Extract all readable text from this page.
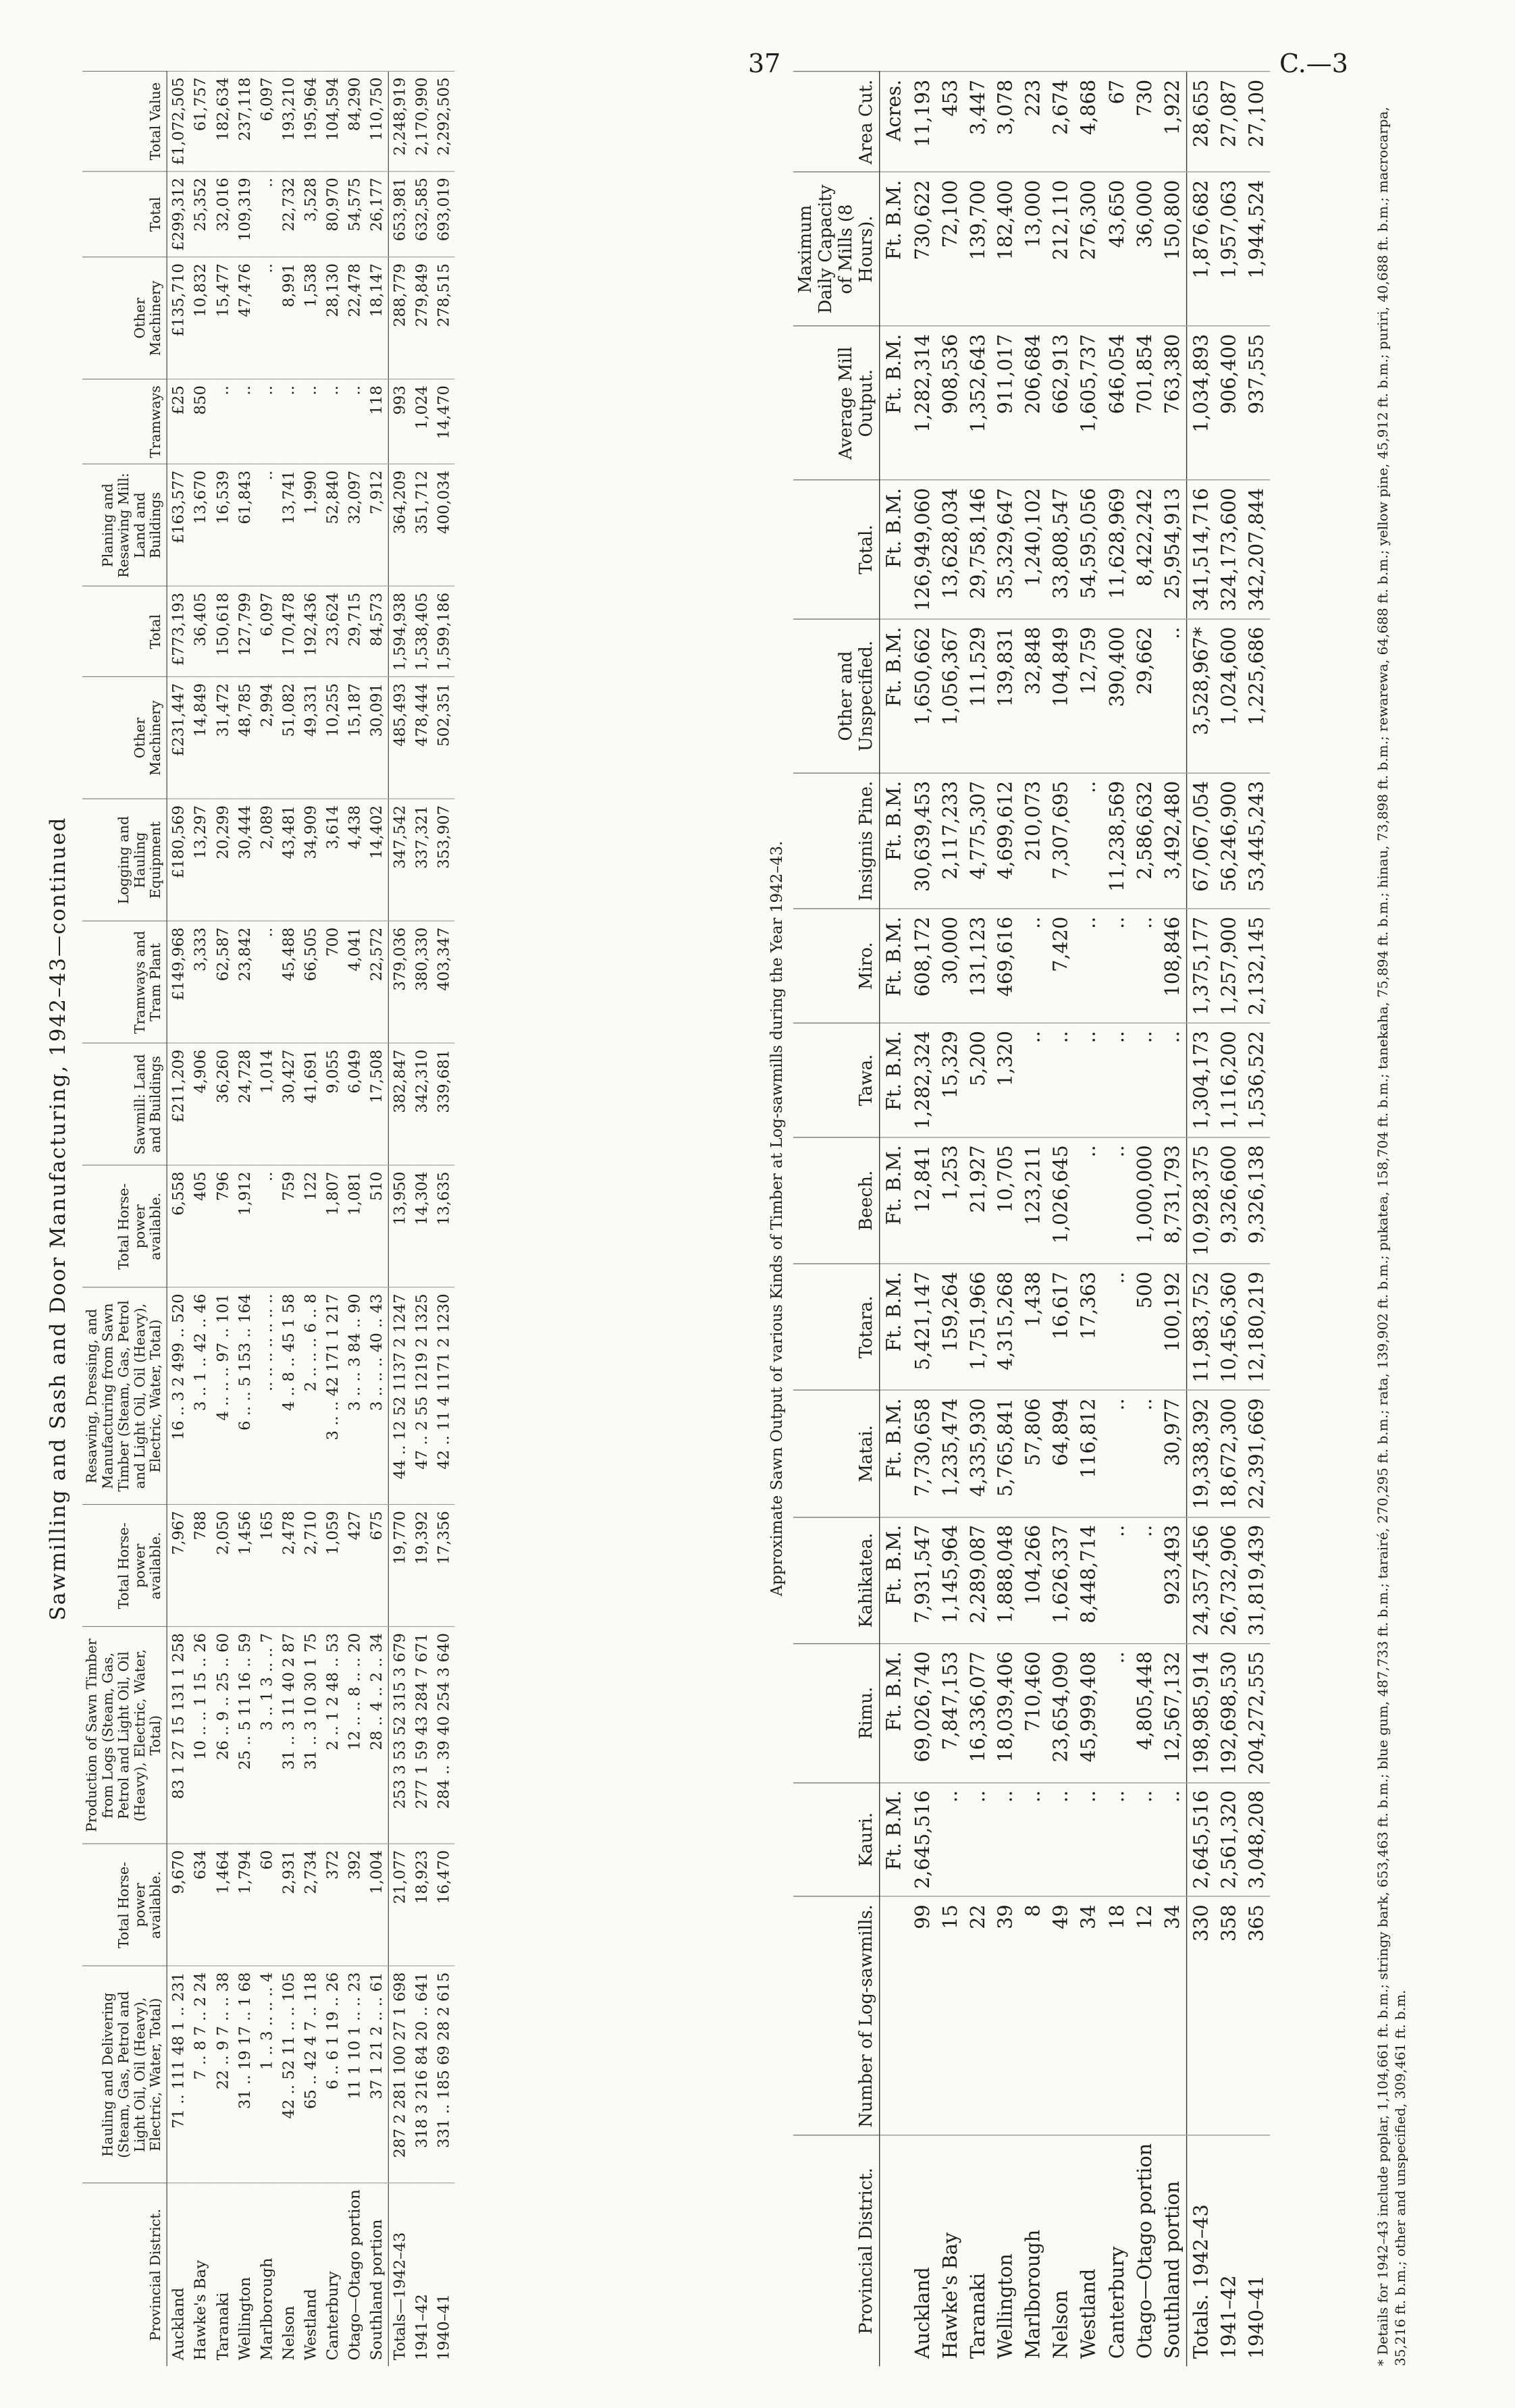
37	C.—3
Sawmilling and Sash and Door Manufacturing, 1942–43—continued
Provincial District.	Hauling and Delivering (Steam, Gas, Petrol and Light Oil, Oil (Heavy), Electric, Water, Total)	Total Horse-power available.	Production of Sawn Timber from Logs (Steam, Gas, Petrol and Light Oil, Oil (Heavy), Electric, Water, Total)	Total Horse-power available.	Resawing, Dressing, and Manufacturing from Sawn Timber (Steam, Gas, Petrol and Light Oil, Oil (Heavy), Electric, Water, Total)	Total Horse-power available.	Sawmill: Land and Buildings	Tramways and Tram Plant	Logging and Hauling Equipment	Other Machinery	Total	Planing and Resawing Mill: Land and Buildings	Tramways	Other Machinery	Total	Total Value
Auckland	71 .. 111 48 1 .. 231	9,670	83 1 27 15 131 1 258	7,967	16 .. 3 2 499 .. 520	6,558	£211,209	£149,968	£180,569	£231,447	£773,193	£163,577	£25	£135,710	£299,312	£1,072,505
Hawke's Bay	7 .. 8 7 .. 2 24	634	10 .. .. 1 15 .. 26	788	3 .. 1 .. 42 .. 46	405	4,906	3,333	13,297	14,849	36,405	13,670	850	10,832	25,352	61,757
Taranaki	22 .. 9 7 .. .. 38	1,464	26 .. 9 .. 25 .. 60	2,050	4 .. .. .. 97 .. 101	796	36,260	62,587	20,299	31,472	150,618	16,539	..	15,477	32,016	182,634
Wellington	31 .. 19 17 .. 1 68	1,794	25 .. 5 11 16 .. 59	1,456	6 .. .. 5 153 .. 164	1,912	24,728	23,842	30,444	48,785	127,799	61,843	..	47,476	109,319	237,118
Marlborough	1 .. 3 .. .. .. 4	60	3 .. 1 3 .. .. 7	165	.. .. .. .. .. .. ..	..	1,014	..	2,089	2,994	6,097	..	..	..	..	6,097
Nelson	42 .. 52 11 .. .. 105	2,931	31 .. 3 11 40 2 87	2,478	4 .. 8 .. 45 1 58	759	30,427	45,488	43,481	51,082	170,478	13,741	..	8,991	22,732	193,210
Westland	65 .. 42 4 7 .. 118	2,734	31 .. 3 10 30 1 75	2,710	2 .. .. .. 6 .. 8	122	41,691	66,505	34,909	49,331	192,436	1,990	..	1,538	3,528	195,964
Canterbury	6 .. 6 1 19 .. 26	372	2 .. 1 2 48 .. 53	1,059	3 .. .. 42 171 1 217	1,807	9,055	700	3,614	10,255	23,624	52,840	..	28,130	80,970	104,594
Otago—Otago portion	11 1 10 1 .. .. 23	392	12 .. .. 8 .. .. 20	427	3 .. .. 3 84 .. 90	1,081	6,049	4,041	4,438	15,187	29,715	32,097	..	22,478	54,575	84,290
Southland portion	37 1 21 2 .. .. 61	1,004	28 .. 4 .. 2 .. 34	675	3 .. .. .. 40 .. 43	510	17,508	22,572	14,402	30,091	84,573	7,912	118	18,147	26,177	110,750
Totals—1942–43	287 2 281 100 27 1 698	21,077	253 3 53 52 315 3 679	19,770	44 .. 12 52 1137 2 1247	13,950	382,847	379,036	347,542	485,493	1,594,938	364,209	993	288,779	653,981	2,248,919
1941–42	318 3 216 84 20 .. 641	18,923	277 1 59 43 284 7 671	19,392	47 .. 2 55 1219 2 1325	14,304	342,310	380,330	337,321	478,444	1,538,405	351,712	1,024	279,849	632,585	2,170,990
1940–41	331 .. 185 69 28 2 615	16,470	284 .. 39 40 254 3 640	17,356	42 .. 11 4 1171 2 1230	13,635	339,681	403,347	353,907	502,351	1,599,186	400,034	14,470	278,515	693,019	2,292,505
Approximate Sawn Output of various Kinds of Timber at Log-sawmills during the Year 1942–43.
Provincial District.	Number of Log-sawmills.	Kauri.	Rimu.	Kahikatea.	Matai.	Totara.	Beech.	Tawa.	Miro.	Insignis Pine.	Other and Unspecified.	Total.	Average Mill Output.	Maximum Daily Capacity of Mills (8 Hours).	Area Cut.
		Ft. B.M.	Ft. B.M.	Ft. B.M.	Ft. B.M.	Ft. B.M.	Ft. B.M.	Ft. B.M.	Ft. B.M.	Ft. B.M.	Ft. B.M.	Ft. B.M.	Ft. B.M.	Ft. B.M.	Acres.
Auckland	99	2,645,516	69,026,740	7,931,547	7,730,658	5,421,147	12,841	1,282,324	608,172	30,639,453	1,650,662	126,949,060	1,282,314	730,622	11,193
Hawke's Bay	15	..	7,847,153	1,145,964	1,235,474	159,264	1,253	15,329	30,000	2,117,233	1,056,367	13,628,034	908,536	72,100	453
Taranaki	22	..	16,336,077	2,289,087	4,335,930	1,751,966	21,927	5,200	131,123	4,775,307	111,529	29,758,146	1,352,643	139,700	3,447
Wellington	39	..	18,039,406	1,888,048	5,765,841	4,315,268	10,705	1,320	469,616	4,699,612	139,831	35,329,647	911,017	182,400	3,078
Marlborough	8	..	710,460	104,266	57,806	1,438	123,211	..	..	210,073	32,848	1,240,102	206,684	13,000	223
Nelson	49	..	23,654,090	1,626,337	64,894	16,617	1,026,645	..	7,420	7,307,695	104,849	33,808,547	662,913	212,110	2,674
Westland	34	..	45,999,408	8,448,714	116,812	17,363	..	..	..	..	12,759	54,595,056	1,605,737	276,300	4,868
Canterbury	18	..	..	..	..	..	..	..	..	11,238,569	390,400	11,628,969	646,054	43,650	67
Otago—Otago portion	12	..	4,805,448	..	..	500	1,000,000	..	..	2,586,632	29,662	8,422,242	701,854	36,000	730
Southland portion	34	..	12,567,132	923,493	30,977	100,192	8,731,793	..	108,846	3,492,480	..	25,954,913	763,380	150,800	1,922
Totals. 1942–43	330	2,645,516	198,985,914	24,357,456	19,338,392	11,983,752	10,928,375	1,304,173	1,375,177	67,067,054	3,528,967*	341,514,716	1,034,893	1,876,682	28,655
1941–42	358	2,561,320	192,698,530	26,732,906	18,672,300	10,456,360	9,326,600	1,116,200	1,257,900	56,246,900	1,024,600	324,173,600	906,400	1,957,063	27,087
1940–41	365	3,048,208	204,272,555	31,819,439	22,391,669	12,180,219	9,326,138	1,536,522	2,132,145	53,445,243	1,225,686	342,207,844	937,555	1,944,524	27,100	* Details for 1942–43 include poplar, 1,104,661 ft. b.m.; stringy bark, 653,463 ft. b.m.; blue gum, 487,733 ft. b.m.; tarairé, 270,295 ft. b.m.; rata, 139,902 ft. b.m.; pukatea, 158,704 ft. b.m.; tanekaha, 75,894 ft. b.m.; hinau, 73,898 ft. b.m.; rewarewa, 64,688 ft. b.m.; yellow pine, 45,912 ft. b.m.; puriri, 40,688 ft. b.m.; macrocarpa, 35,216 ft. b.m.; other and unspecified, 309,461 ft. b.m.
